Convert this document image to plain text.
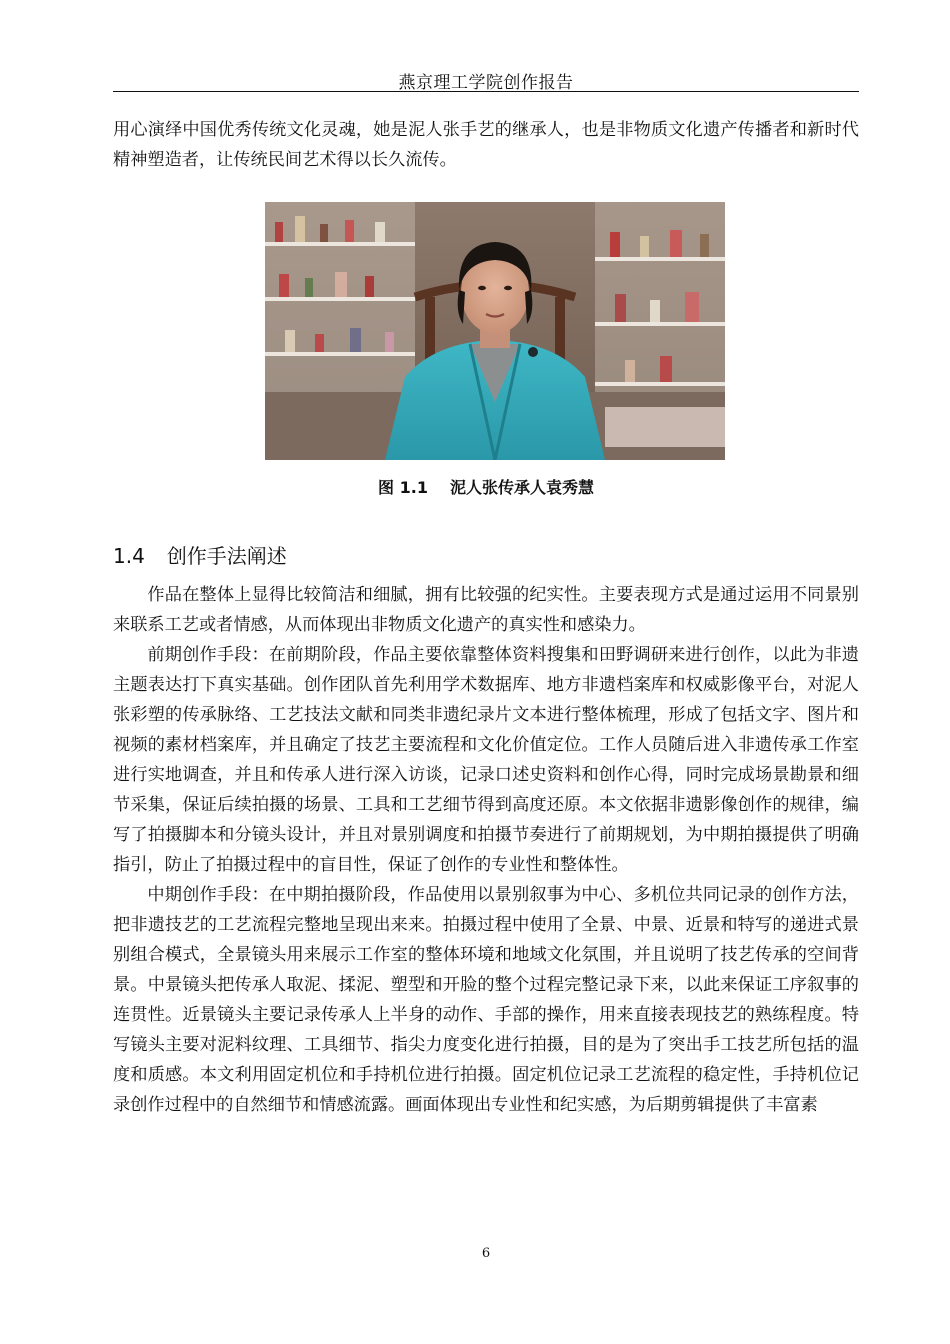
燕京理工学院创作报告

用心演绎中国优秀传统文化灵魂，她是泥人张手艺的继承人，也是非物质文化遗产传播者和新时代精神塑造者，让传统民间艺术得以长久流传。

图 1.1 泥人张传承人袁秀慧
1.4 创作手法阐述

作品在整体上显得比较简洁和细腻，拥有比较强的纪实性。主要表现方式是通过运用不同景别来联系工艺或者情感，从而体现出非物质文化遗产的真实性和感染力。

前期创作手段：在前期阶段，作品主要依靠整体资料搜集和田野调研来进行创作，以此为非遗主题表达打下真实基础。创作团队首先利用学术数据库、地方非遗档案库和权威影像平台，对泥人张彩塑的传承脉络、工艺技法文献和同类非遗纪录片文本进行整体梳理，形成了包括文字、图片和视频的素材档案库，并且确定了技艺主要流程和文化价值定位。工作人员随后进入非遗传承工作室进行实地调查，并且和传承人进行深入访谈，记录口述史资料和创作心得，同时完成场景勘景和细节采集，保证后续拍摄的场景、工具和工艺细节得到高度还原。本文依据非遗影像创作的规律，编写了拍摄脚本和分镜头设计，并且对景别调度和拍摄节奏进行了前期规划，为中期拍摄提供了明确指引，防止了拍摄过程中的盲目性，保证了创作的专业性和整体性。

中期创作手段：在中期拍摄阶段，作品使用以景别叙事为中心、多机位共同记录的创作方法，把非遗技艺的工艺流程完整地呈现出来来。拍摄过程中使用了全景、中景、近景和特写的递进式景别组合模式，全景镜头用来展示工作室的整体环境和地域文化氛围，并且说明了技艺传承的空间背景。中景镜头把传承人取泥、揉泥、塑型和开脸的整个过程完整记录下来，以此来保证工序叙事的连贯性。近景镜头主要记录传承人上半身的动作、手部的操作，用来直接表现技艺的熟练程度。特写镜头主要对泥料纹理、工具细节、指尖力度变化进行拍摄，目的是为了突出手工技艺所包括的温度和质感。本文利用固定机位和手持机位进行拍摄。固定机位记录工艺流程的稳定性，手持机位记录创作过程中的自然细节和情感流露。画面体现出专业性和纪实感，为后期剪辑提供了丰富素

6
